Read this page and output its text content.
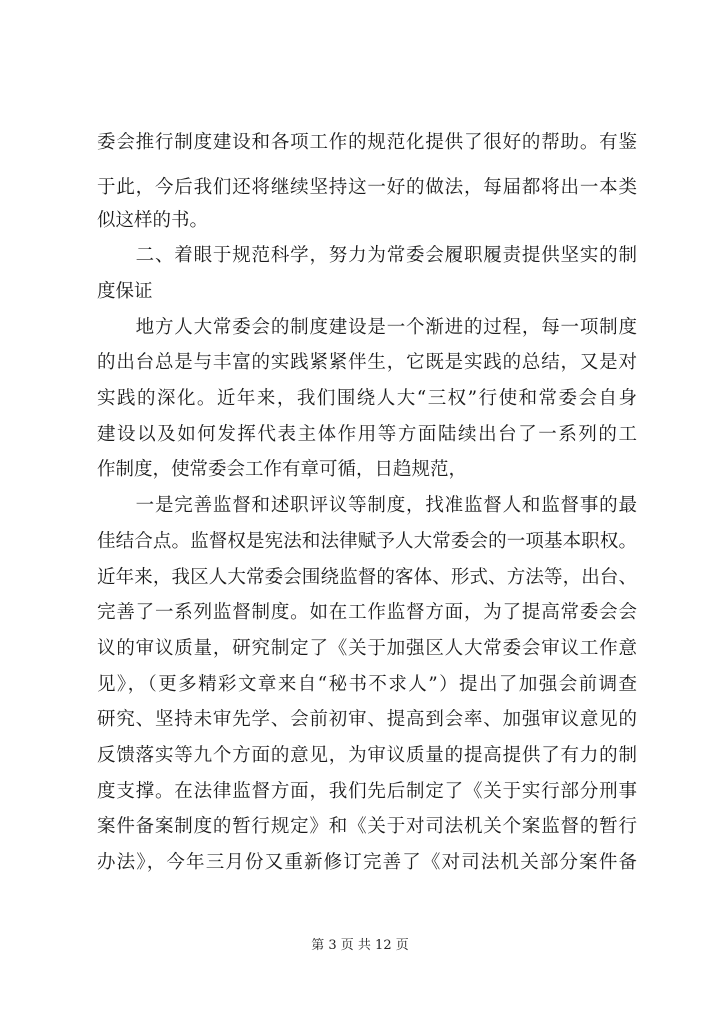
委会推行制度建设和各项工作的规范化提供了很好的帮助。有鉴
于此，今后我们还将继续坚持这一好的做法，每届都将出一本类
似这样的书。
　　二、着眼于规范科学，努力为常委会履职履责提供坚实的制
度保证
　　地方人大常委会的制度建设是一个渐进的过程，每一项制度
的出台总是与丰富的实践紧紧伴生，它既是实践的总结，又是对
实践的深化。近年来，我们围绕人大“三权”行使和常委会自身
建设以及如何发挥代表主体作用等方面陆续出台了一系列的工
作制度，使常委会工作有章可循，日趋规范，
　　一是完善监督和述职评议等制度，找准监督人和监督事的最
佳结合点。监督权是宪法和法律赋予人大常委会的一项基本职权。
近年来，我区人大常委会围绕监督的客体、形式、方法等，出台、
完善了一系列监督制度。如在工作监督方面，为了提高常委会会
议的审议质量，研究制定了《关于加强区人大常委会审议工作意
见》，（更多精彩文章来自“秘书不求人”）提出了加强会前调查
研究、坚持未审先学、会前初审、提高到会率、加强审议意见的
反馈落实等九个方面的意见，为审议质量的提高提供了有力的制
度支撑。在法律监督方面，我们先后制定了《关于实行部分刑事
案件备案制度的暂行规定》和《关于对司法机关个案监督的暂行
办法》，今年三月份又重新修订完善了《对司法机关部分案件备
第 3 页 共 12 页
